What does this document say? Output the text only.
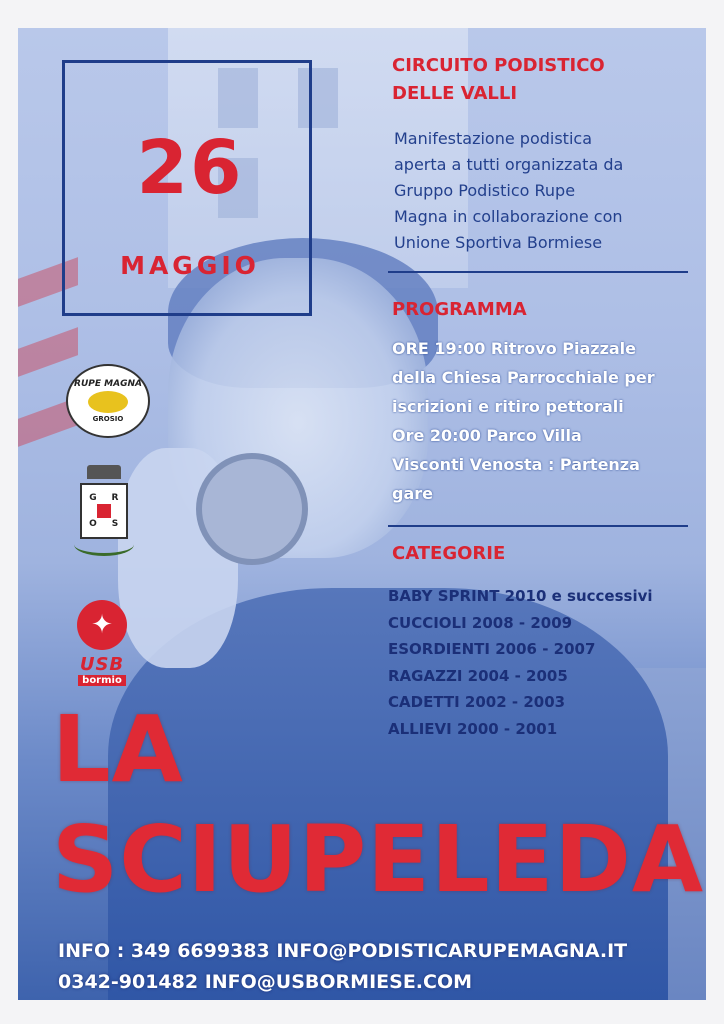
26
MAGGIO

CIRCUITO PODISTICO

DELLE VALLI

Manifestazione podistica
aperta a tutti organizzata da
Gruppo Podistico Rupe
Magna in collaborazione con
Unione Sportiva Bormiese

PROGRAMMA

ORE 19:00 Ritrovo Piazzale
della Chiesa Parrocchiale per
iscrizioni e ritiro pettorali
Ore 20:00 Parco Villa
Visconti Venosta : Partenza
gare

CATEGORIE

BABY SPRINT 2010 e successivi
CUCCIOLI 2008 - 2009
ESORDIENTI 2006 - 2007
RAGAZZI 2004 - 2005
CADETTI 2002 - 2003
ALLIEVI 2000 - 2001
RUPE MAGNA
GROSIO
G	R
O	S
✦
USB
bormio
LA
SCIUPELEDA
INFO : 349 6699383 INFO@PODISTICARUPEMAGNA.IT
0342-901482 INFO@USBORMIESE.COM
